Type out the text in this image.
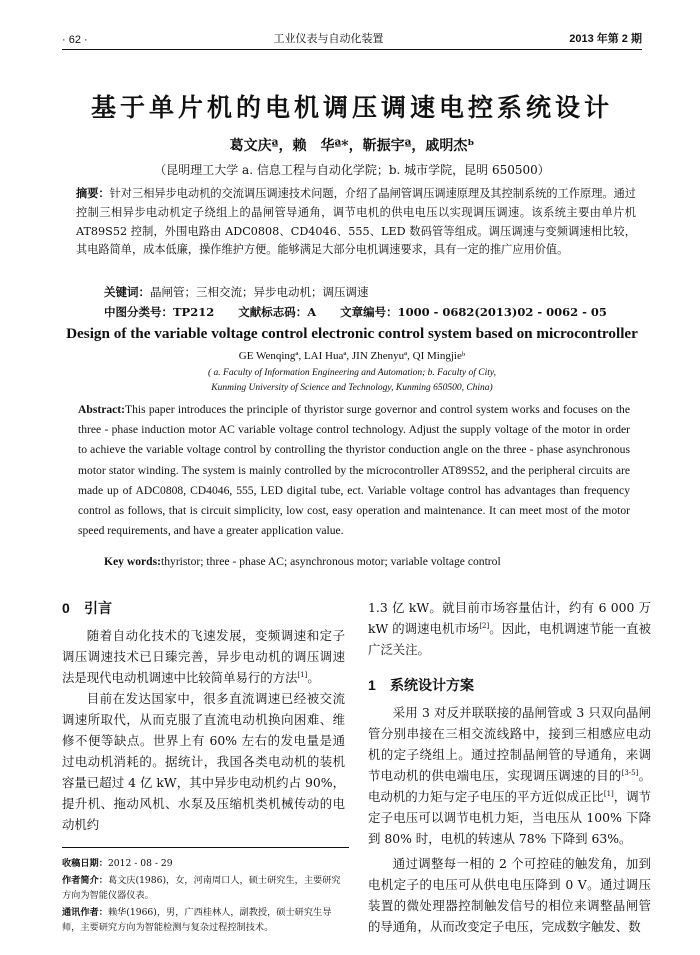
· 62 ·	工业仪表与自动化装置	2013 年第 2 期
基于单片机的电机调压调速电控系统设计
葛文庆ª，赖　华ª*，靳振宇ª，戚明杰ᵇ
（昆明理工大学 a. 信息工程与自动化学院；b. 城市学院，昆明 650500）
摘要：针对三相异步电动机的交流调压调速技术问题，介绍了晶闸管调压调速原理及其控制系统的工作原理。通过控制三相异步电动机定子绕组上的晶闸管导通角，调节电机的供电电压以实现调压调速。该系统主要由单片机 AT89S52 控制，外围电路由 ADC0808、CD4046、555、LED 数码管等组成。调压调速与变频调速相比较，其电路简单，成本低廉，操作维护方便。能够满足大部分电机调速要求，具有一定的推广应用价值。
关键词：晶闸管；三相交流；异步电动机；调压调速
中图分类号：TP212 文献标志码：A 文章编号：1000 - 0682(2013)02 - 0062 - 05
Design of the variable voltage control electronic control system based on microcontroller
GE Wenqingª, LAI Huaª, JIN Zhenyuª, QI Mingjieᵇ
( a. Faculty of Information Engineering and Automation; b. Faculty of City,
Kunming University of Science and Technology, Kunming 650500, China)
Abstract:This paper introduces the principle of thyristor surge governor and control system works and focuses on the three - phase induction motor AC variable voltage control technology. Adjust the supply voltage of the motor in order to achieve the variable voltage control by controlling the thyristor conduction angle on the three - phase asynchronous motor stator winding. The system is mainly controlled by the microcontroller AT89S52, and the peripheral circuits are made up of ADC0808, CD4046, 555, LED digital tube, ect. Variable voltage control has advantages than frequency control as follows, that is circuit simplicity, low cost, easy operation and maintenance. It can meet most of the motor speed requirements, and have a greater application value.
Key words:thyristor; three - phase AC; asynchronous motor; variable voltage control
0 引言

随着自动化技术的飞速发展，变频调速和定子调压调速技术已日臻完善，异步电动机的调压调速法是现代电动机调速中比较简单易行的方法[1]。

目前在发达国家中，很多直流调速已经被交流调速所取代，从而克服了直流电动机换向困难、维修不便等缺点。世界上有 60% 左右的发电量是通过电动机消耗的。据统计，我国各类电动机的装机容量已超过 4 亿 kW，其中异步电动机约占 90%，提升机、拖动风机、水泵及压缩机类机械传动的电动机约

1.3 亿 kW。就目前市场容量估计，约有 6 000 万 kW 的调速电机市场[2]。因此，电机调速节能一直被广泛关注。

1 系统设计方案

采用 3 对反并联联接的晶闸管或 3 只双向晶闸管分别串接在三相交流线路中，接到三相感应电动机的定子绕组上。通过控制晶闸管的导通角，来调节电动机的供电端电压，实现调压调速的目的[3-5]。电动机的力矩与定子电压的平方近似成正比[1]，调节定子电压可以调节电机力矩，当电压从 100% 下降到 80% 时，电机的转速从 78% 下降到 63%。

通过调整每一相的 2 个可控硅的触发角，加到电机定子的电压可从供电电压降到 0 V。通过调压装置的微处理器控制触发信号的相位来调整晶闸管的导通角，从而改变定子电压，完成数字触发、数

收稿日期：2012 - 08 - 29
作者简介：葛文庆(1986)，女，河南周口人，硕士研究生，主要研究方向为智能仪器仪表。
通讯作者：赖华(1966)，男，广西桂林人，副教授，硕士研究生导师，主要研究方向为智能检测与复杂过程控制技术。
